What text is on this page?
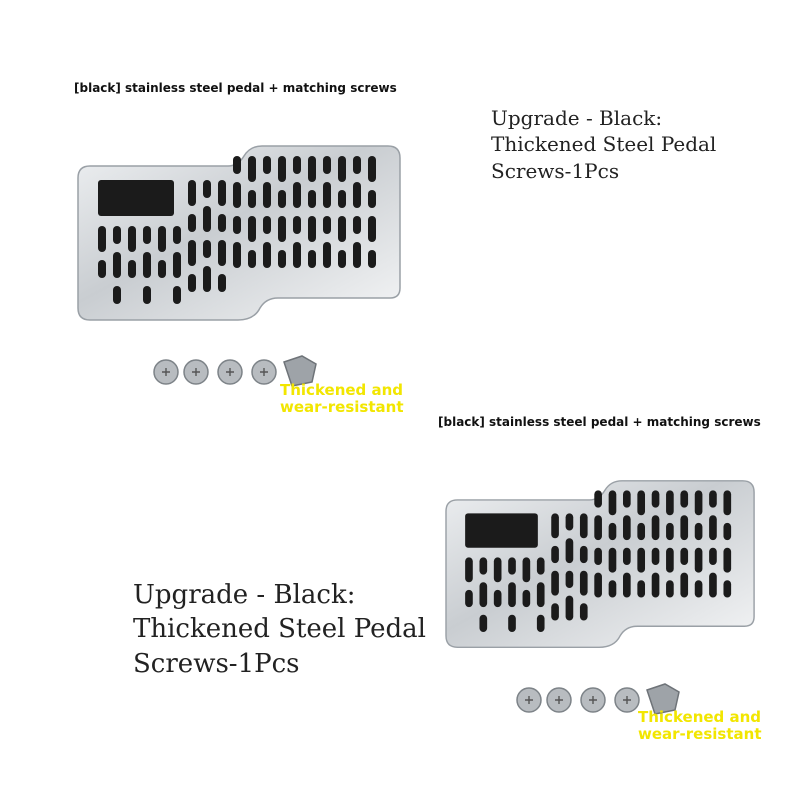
[black] stainless steel pedal + matching screws
Thickened and
wear-resistant
Upgrade - Black:
Thickened Steel Pedal
Screws-1Pcs
[black] stainless steel pedal + matching screws
Thickened and
wear-resistant
Upgrade - Black:
Thickened Steel Pedal
Screws-1Pcs
